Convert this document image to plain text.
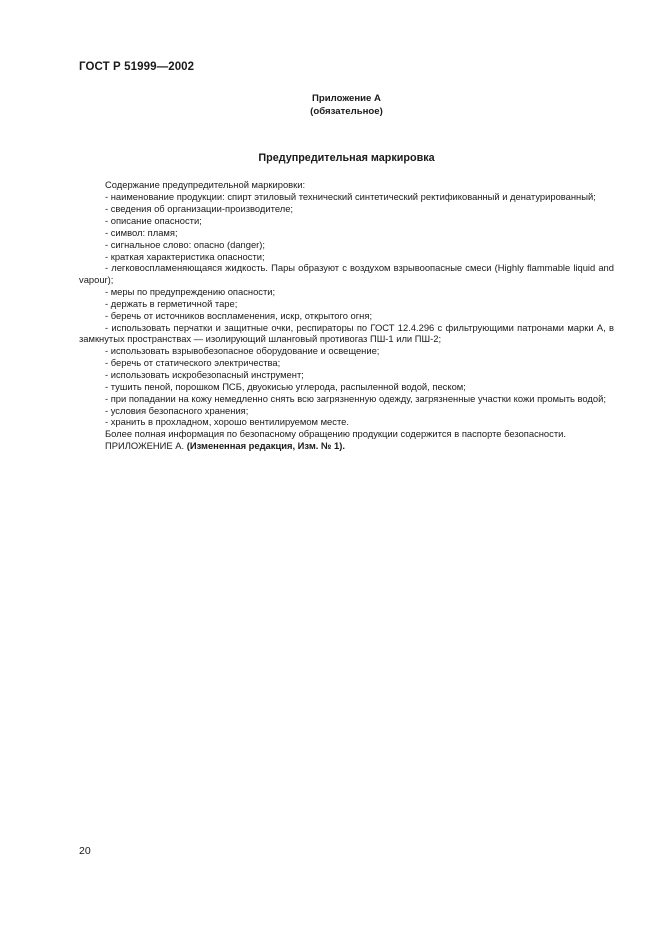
ГОСТ Р 51999—2002
Приложение А
(обязательное)
Предупредительная маркировка

Содержание предупредительной маркировки:

- наименование продукции: спирт этиловый технический синтетический ректификованный и денатурированный;

- сведения об организации-производителе;

- описание опасности;

- символ: пламя;

- сигнальное слово: опасно (danger);

- краткая характеристика опасности;

- легковоспламеняющаяся жидкость. Пары образуют с воздухом взрывоопасные смеси (Highly flammable liquid and vapour);

- меры по предупреждению опасности;

- держать в герметичной таре;

- беречь от источников воспламенения, искр, открытого огня;

- использовать перчатки и защитные очки, респираторы по ГОСТ 12.4.296 с фильтрующими патронами марки А, в замкнутых пространствах — изолирующий шланговый противогаз ПШ-1 или ПШ-2;

- использовать взрывобезопасное оборудование и освещение;

- беречь от статического электричества;

- использовать искробезопасный инструмент;

- тушить пеной, порошком ПСБ, двуокисью углерода, распыленной водой, песком;

- при попадании на кожу немедленно снять всю загрязненную одежду, загрязненные участки кожи промыть водой;

- условия безопасного хранения;

- хранить в прохладном, хорошо вентилируемом месте.

Более полная информация по безопасному обращению продукции содержится в паспорте безопасности.

ПРИЛОЖЕНИЕ А. (Измененная редакция, Изм. № 1).

20
